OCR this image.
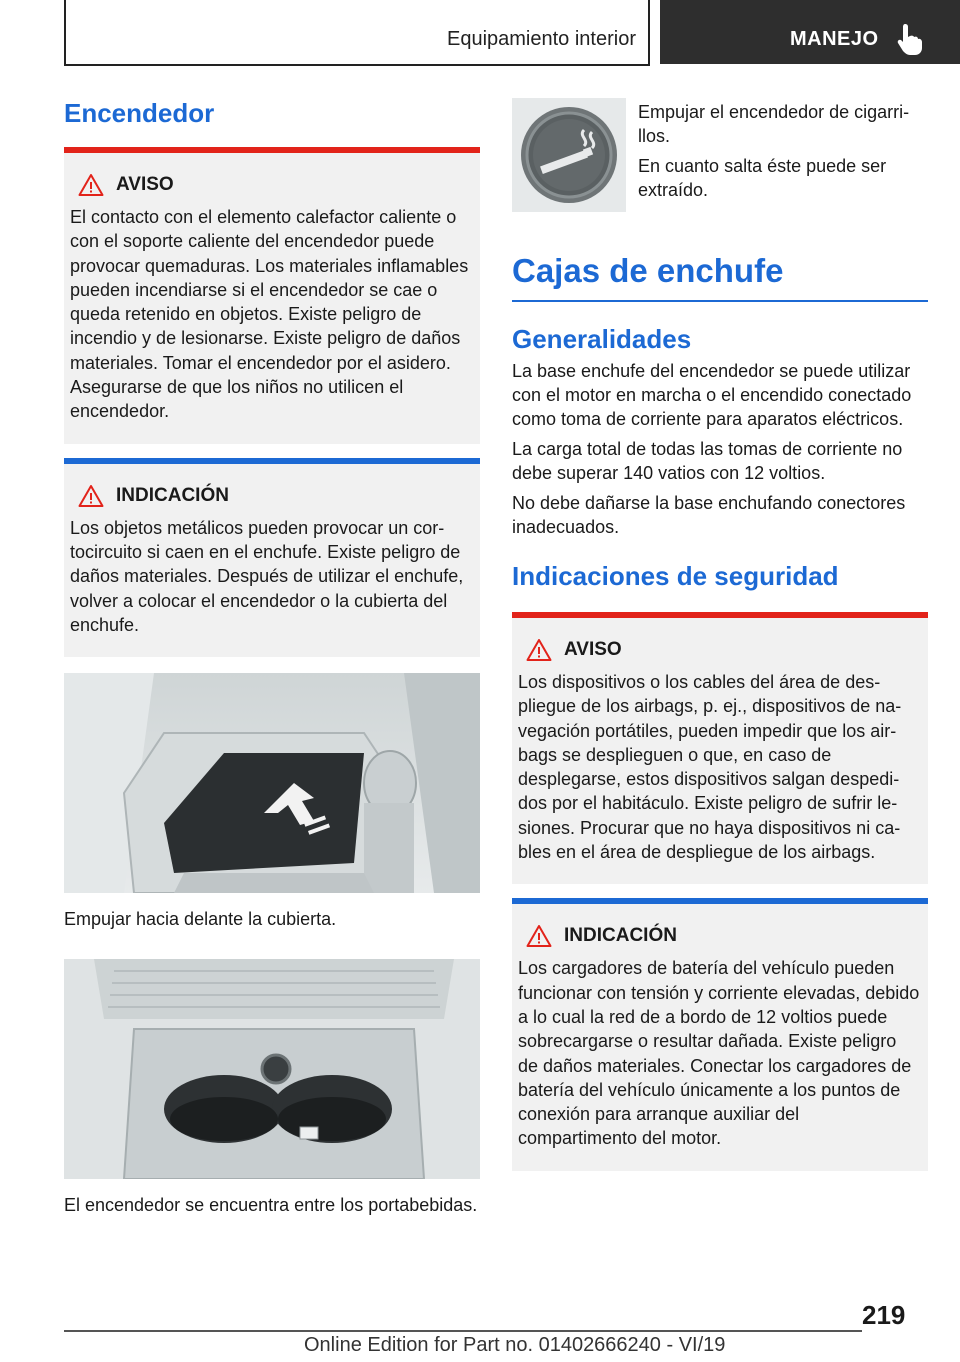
Equipamiento interior	MANEJO
Encendedor
AVISO

El contacto con el elemento calefactor caliente o con el soporte caliente del encendedor puede provocar quemaduras. Los materiales inflamables pueden incendiarse si el encendedor se cae o queda retenido en objetos. Existe peligro de incendio y de lesionarse. Existe peligro de daños materiales. Tomar el encendedor por el asidero. Asegurarse de que los niños no utilicen el encendedor.

INDICACIÓN

Los objetos metálicos pueden provocar un cortocircuito si caen en el enchufe. Existe peligro de daños materiales. Después de utilizar el enchufe, volver a colocar el encendedor o la cubierta del enchufe.

Empujar hacia delante la cubierta.

El encendedor se encuentra entre los portabebidas.

Empujar el encendedor de cigarrillos.

En cuanto salta éste puede ser extraído.

Cajas de enchufe
Generalidades

La base enchufe del encendedor se puede utilizar con el motor en marcha o el encendido conectado como toma de corriente para aparatos eléctricos.

La carga total de todas las tomas de corriente no debe superar 140 vatios con 12 voltios.

No debe dañarse la base enchufando conectores inadecuados.

Indicaciones de seguridad
AVISO

Los dispositivos o los cables del área de despliegue de los airbags, p. ej., dispositivos de navegación portátiles, pueden impedir que los airbags se desplieguen o que, en caso de desplegarse, estos dispositivos salgan despedidos por el habitáculo. Existe peligro de sufrir lesiones. Procurar que no haya dispositivos ni cables en el área de despliegue de los airbags.

INDICACIÓN

Los cargadores de batería del vehículo pueden funcionar con tensión y corriente elevadas, debido a lo cual la red de a bordo de 12 voltios puede sobrecargarse o resultar dañada. Existe peligro de daños materiales. Conectar los cargadores de batería del vehículo únicamente a los puntos de conexión para arranque auxiliar del compartimento del motor.

219
Online Edition for Part no. 01402666240 - VI/19
